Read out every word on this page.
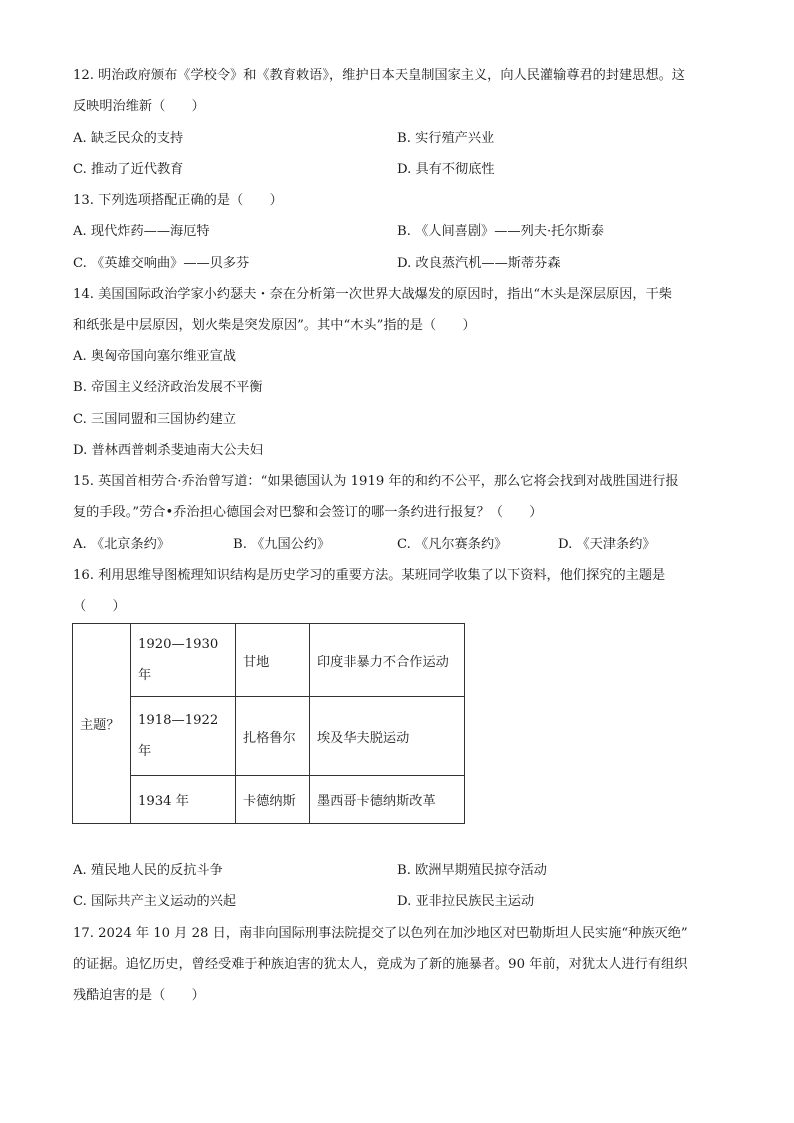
12. 明治政府颁布《学校令》和《教育敕语》，维护日本天皇制国家主义，向人民灌输尊君的封建思想。这
反映明治维新（　　）
A. 缺乏民众的支持	B. 实行殖产兴业
C. 推动了近代教育	D. 具有不彻底性
13. 下列选项搭配正确的是（　　）
A. 现代炸药——海厄特	B. 《人间喜剧》——列夫·托尔斯泰
C. 《英雄交响曲》——贝多芬	D. 改良蒸汽机——斯蒂芬森
14. 美国国际政治学家小约瑟夫・奈在分析第一次世界大战爆发的原因时，指出“木头是深层原因，干柴
和纸张是中层原因，划火柴是突发原因”。其中“木头”指的是（　　）
A. 奥匈帝国向塞尔维亚宣战
B. 帝国主义经济政治发展不平衡
C. 三国同盟和三国协约建立
D. 普林西普刺杀斐迪南大公夫妇
15. 英国首相劳合·乔治曾写道：“如果德国认为 1919 年的和约不公平，那么它将会找到对战胜国进行报
复的手段。”劳合•乔治担心德国会对巴黎和会签订的哪一条约进行报复？（　　）
A. 《北京条约》	B. 《九国公约》	C. 《凡尔赛条约》	D. 《天津条约》
16. 利用思维导图梳理知识结构是历史学习的重要方法。某班同学收集了以下资料，他们探究的主题是
（　　）
主题？	1920—1930
年	甘地	印度非暴力不合作运动

	1918—1922
年	扎格鲁尔	埃及华夫脱运动
	1934 年	卡德纳斯	墨西哥卡德纳斯改革
A. 殖民地人民的反抗斗争	B. 欧洲早期殖民掠夺活动
C. 国际共产主义运动的兴起	D. 亚非拉民族民主运动
17. 2024 年 10 月 28 日，南非向国际刑事法院提交了以色列在加沙地区对巴勒斯坦人民实施“种族灭绝”
的证据。追忆历史，曾经受难于种族迫害的犹太人，竟成为了新的施暴者。90 年前，对犹太人进行有组织
残酷迫害的是（　　）
